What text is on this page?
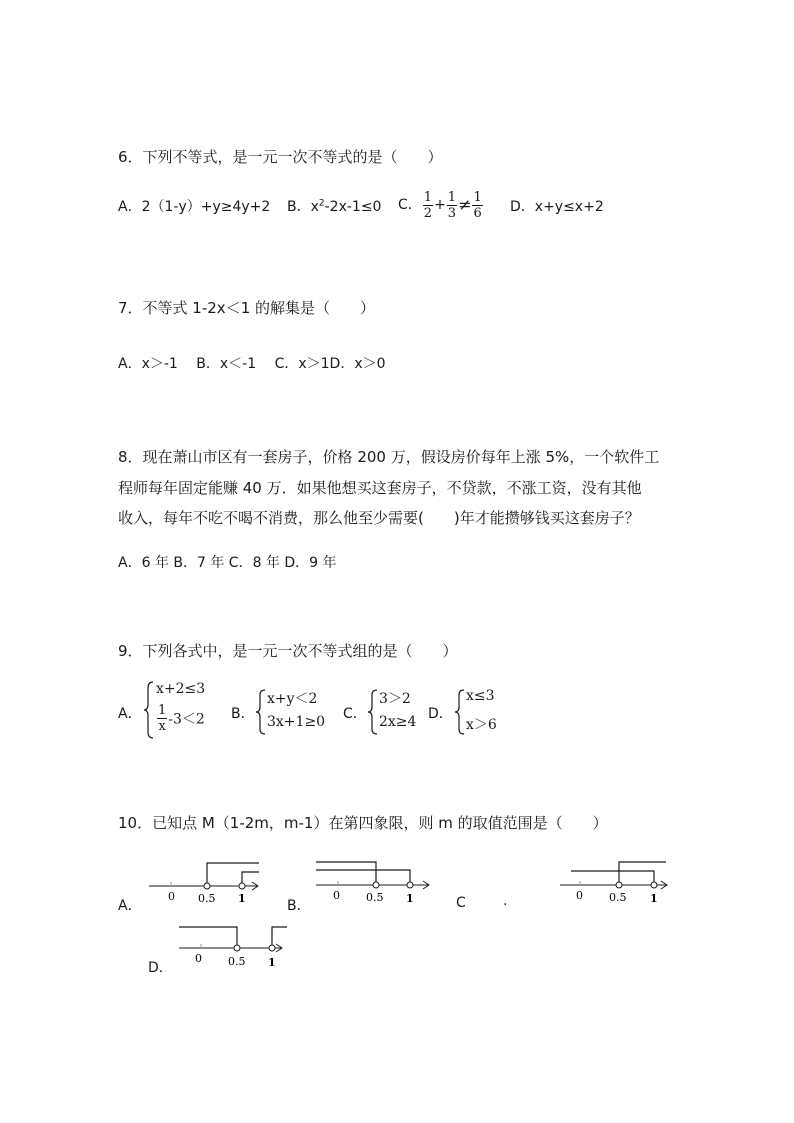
6．下列不等式，是一元一次不等式的是（　　）
A．2（1-y）+y≥4y+2 B．$x^2-2x-1\le 0$ C． $\frac{1}{2} + \frac{1}{3} \ne \frac{1}{6}$ D．x+y≤x+2
7．不等式 1-2x＜1 的解集是（　　）
A．x＞-1　 B．x＜-1　 C．x＞1D．x＞0
8．现在萧山市区有一套房子，价格 200 万，假设房价每年上涨 5%，一个软件工
程师每年固定能赚 40 万．如果他想买这套房子，不贷款，不涨工资，没有其他
收入，每年不吃不喝不消费，那么他至少需要(　　)年才能攒够钱买这套房子？
A．6 年 B．7 年 C．8 年 D．9 年
9．下列各式中，是一元一次不等式组的是（　　）
A．
x+2≤3
$\frac{1}{x} -3<2$ B．
x+y＜2
3x+1≥0 C．
3＞2
2x≥4 D．
x≤3
x＞6
10．已知点 M（1-2m，m-1）在第四象限，则 m 的取值范围是（　　）
A．	B．	C	.
D．
0 0.5 1	0 0.5 1	0 0.5 1
0 0.5 1
